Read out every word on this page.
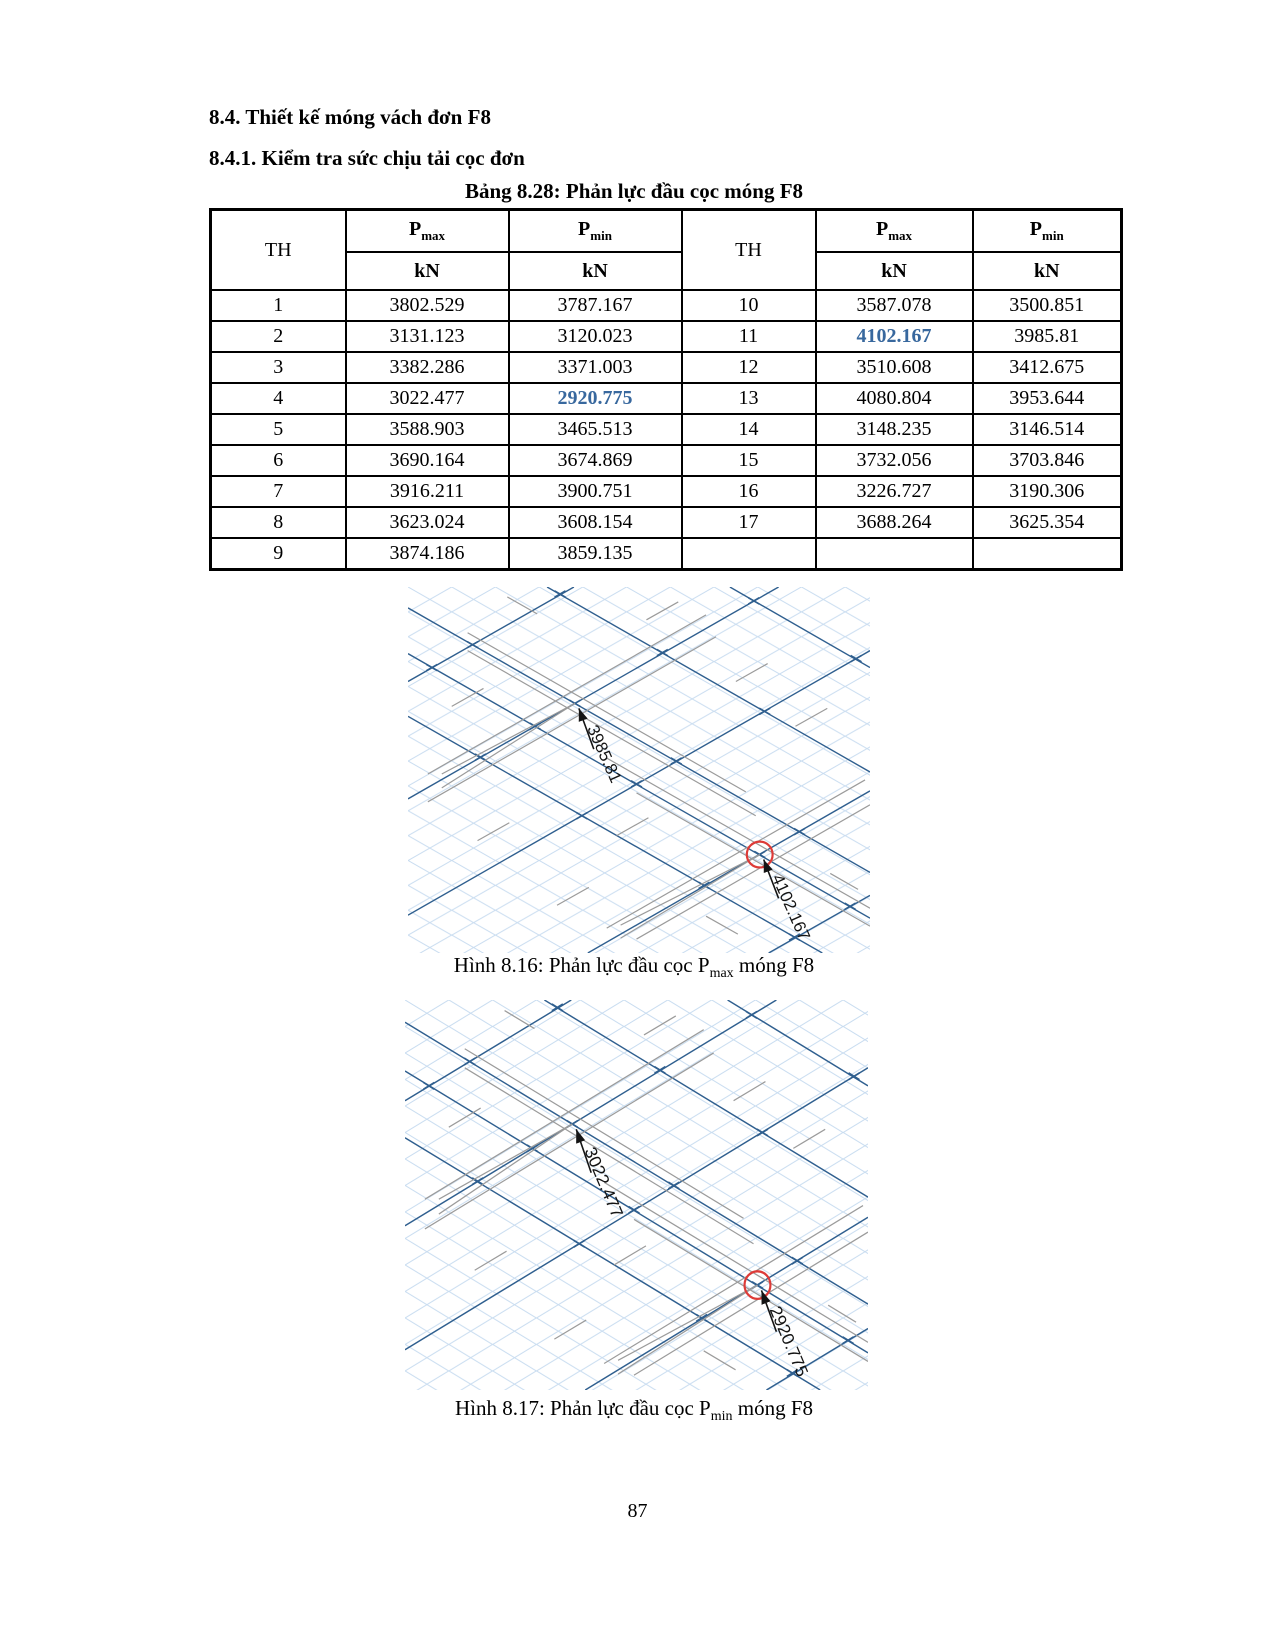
8.4. Thiết kế móng vách đơn F8
8.4.1. Kiểm tra sức chịu tải cọc đơn
Bảng 8.28: Phản lực đầu cọc móng F8
TH	$P_{max}$	$P_{min}$	TH	$P_{max}$	$P_{min}$
	kN	kN		kN	kN
1	3802.529	3787.167	10	3587.078	3500.851
2	3131.123	3120.023	11	4102.167	3985.81
3	3382.286	3371.003	12	3510.608	3412.675
4	3022.477	2920.775	13	4080.804	3953.644
5	3588.903	3465.513	14	3148.235	3146.514
6	3690.164	3674.869	15	3732.056	3703.846
7	3916.211	3900.751	16	3226.727	3190.306
8	3623.024	3608.154	17	3688.264	3625.354
9	3874.186	3859.135			
3985.81
4102.167
Hình 8.16: Phản lực đầu cọc $P_{max}$ móng F8
3022.477
2920.775
Hình 8.17: Phản lực đầu cọc $P_{min}$ móng F8
87
